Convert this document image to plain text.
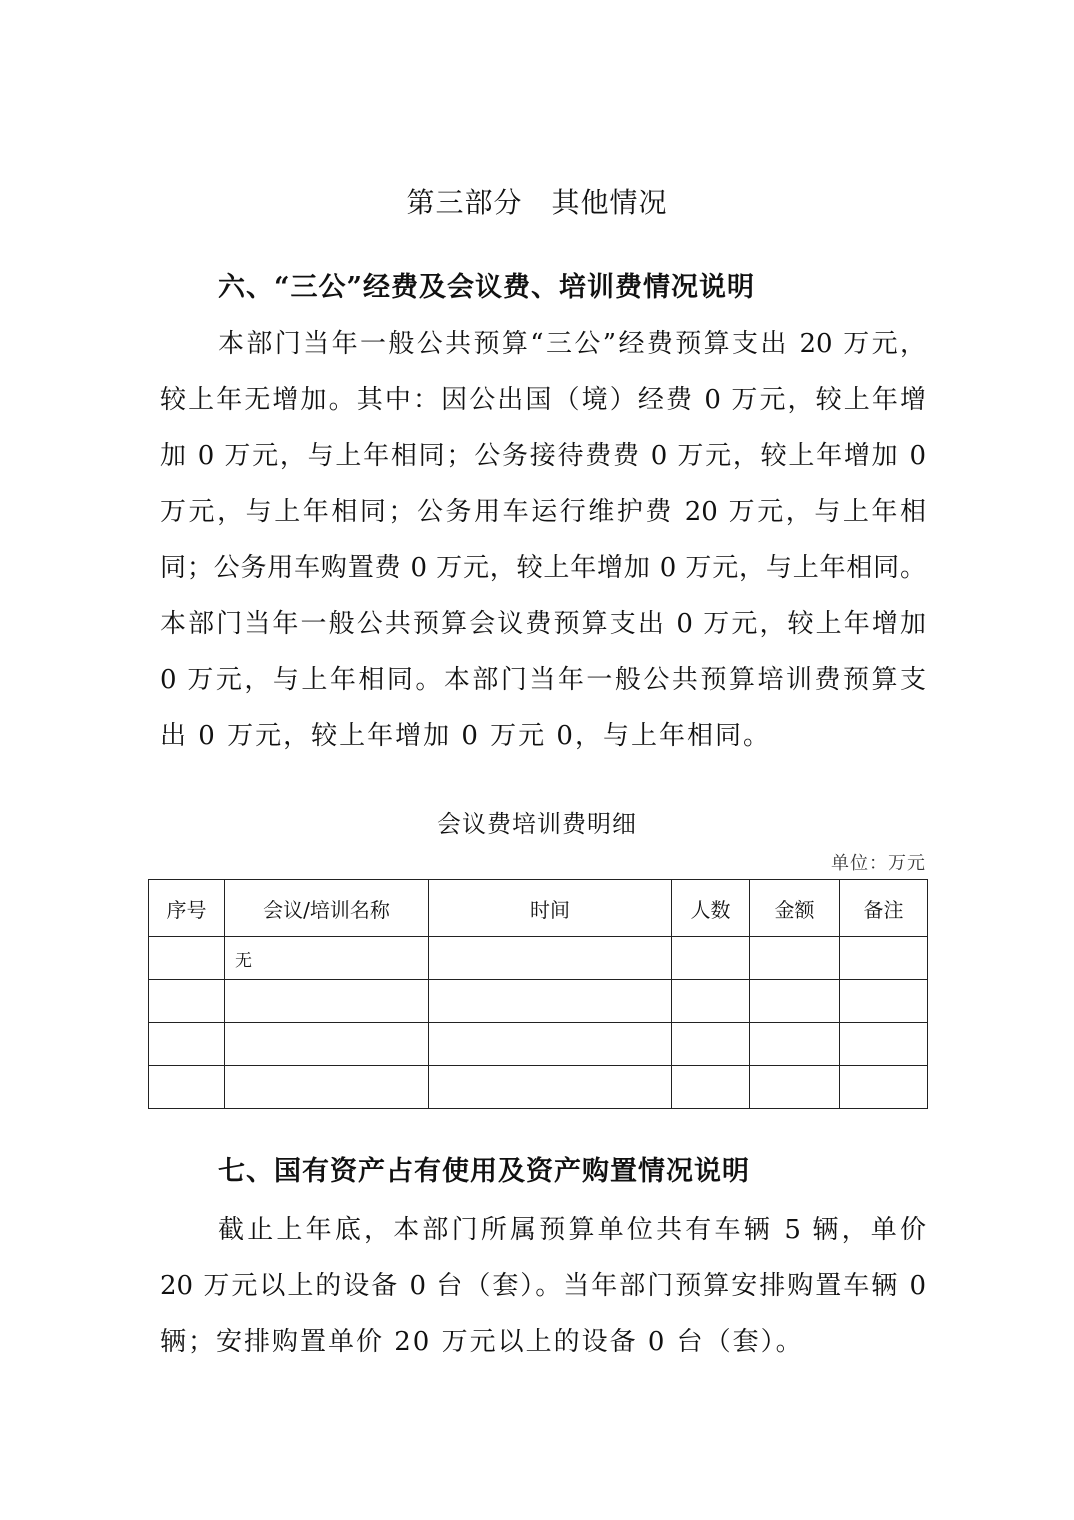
第三部分　其他情况
六、“三公”经费及会议费、培训费情况说明
本部门当年一般公共预算“三公”经费预算支出 20 万元，
较上年无增加。其中：因公出国（境）经费 0 万元，较上年增
加 0 万元，与上年相同；公务接待费费 0 万元，较上年增加 0
万元，与上年相同；公务用车运行维护费 20 万元，与上年相
同；公务用车购置费 0 万元，较上年增加 0 万元，与上年相同。
本部门当年一般公共预算会议费预算支出 0 万元，较上年增加
0 万元，与上年相同。本部门当年一般公共预算培训费预算支
出 0 万元，较上年增加 0 万元 0，与上年相同。
会议费培训费明细
单位：万元
序号	会议/培训名称	时间	人数	金额	备注
	无				

七、国有资产占有使用及资产购置情况说明
截止上年底，本部门所属预算单位共有车辆 5 辆，单价
20 万元以上的设备 0 台（套）。当年部门预算安排购置车辆 0
辆；安排购置单价 20 万元以上的设备 0 台（套）。
